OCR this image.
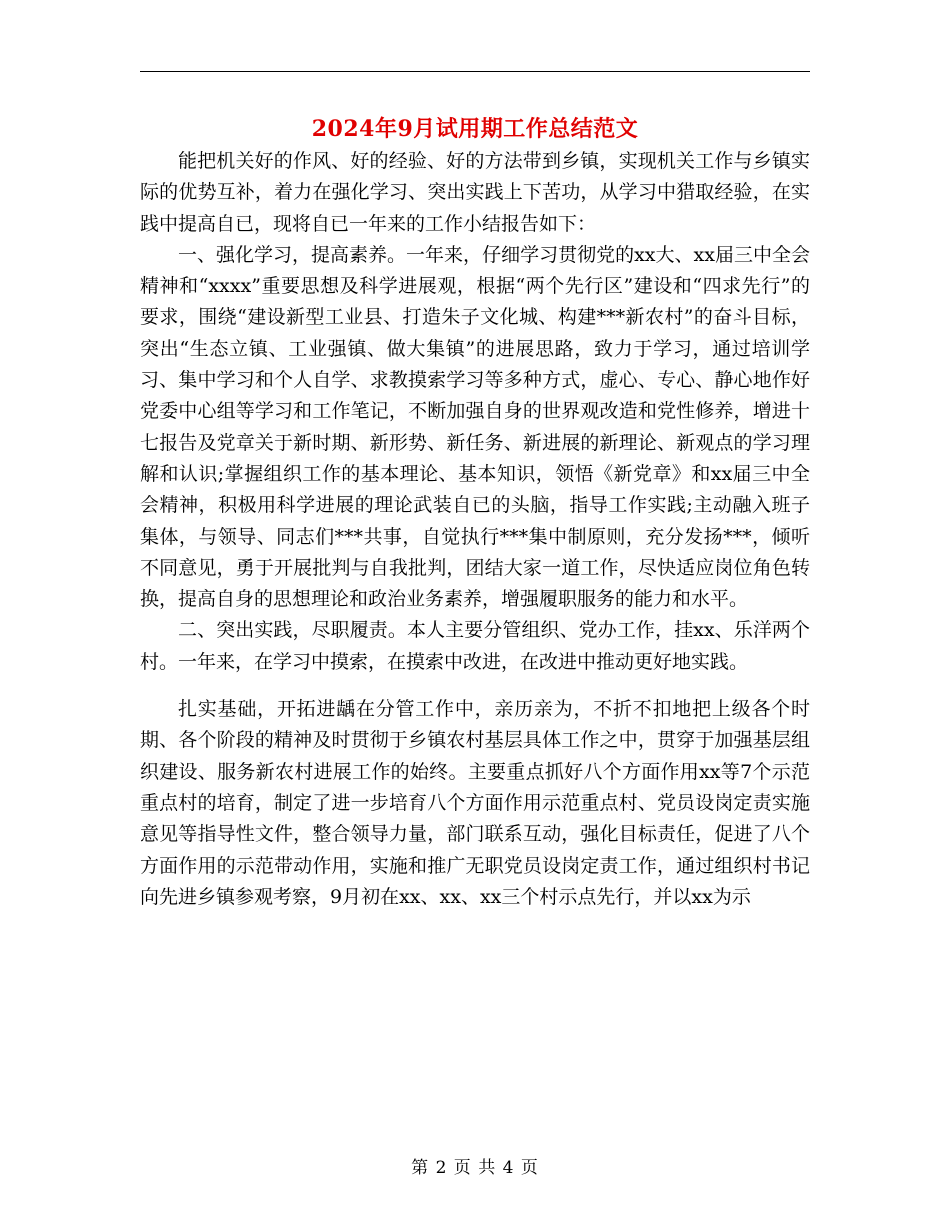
2024年9月试用期工作总结范文

能把机关好的作风、好的经验、好的方法带到乡镇，实现机关工作与乡镇实际的优势互补，着力在强化学习、突出实践上下苦功，从学习中猎取经验，在实践中提高自已，现将自已一年来的工作小结报告如下：

一、强化学习，提高素养。一年来，仔细学习贯彻党的xx大、xx届三中全会精神和“xxxx”重要思想及科学进展观，根据“两个先行区”建设和“四求先行”的要求，围绕“建设新型工业县、打造朱子文化城、构建***新农村”的奋斗目标，突出“生态立镇、工业强镇、做大集镇”的进展思路，致力于学习，通过培训学习、集中学习和个人自学、求教摸索学习等多种方式，虚心、专心、静心地作好党委中心组等学习和工作笔记，不断加强自身的世界观改造和党性修养，增进十七报告及党章关于新时期、新形势、新任务、新进展的新理论、新观点的学习理解和认识;掌握组织工作的基本理论、基本知识，领悟《新党章》和xx届三中全会精神，积极用科学进展的理论武装自已的头脑，指导工作实践;主动融入班子集体，与领导、同志们***共事，自觉执行***集中制原则，充分发扬***，倾听不同意见，勇于开展批判与自我批判，团结大家一道工作，尽快适应岗位角色转换，提高自身的思想理论和政治业务素养，增强履职服务的能力和水平。

二、突出实践，尽职履责。本人主要分管组织、党办工作，挂xx、乐洋两个村。一年来，在学习中摸索，在摸索中改进，在改进中推动更好地实践。

扎实基础，开拓进龋在分管工作中，亲历亲为，不折不扣地把上级各个时期、各个阶段的精神及时贯彻于乡镇农村基层具体工作之中，贯穿于加强基层组织建设、服务新农村进展工作的始终。主要重点抓好八个方面作用xx等7个示范重点村的培育，制定了进一步培育八个方面作用示范重点村、党员设岗定责实施意见等指导性文件，整合领导力量，部门联系互动，强化目标责任，促进了八个方面作用的示范带动作用，实施和推广无职党员设岗定责工作，通过组织村书记向先进乡镇参观考察，9月初在xx、xx、xx三个村示点先行，并以xx为示

第 2 页 共 4 页
